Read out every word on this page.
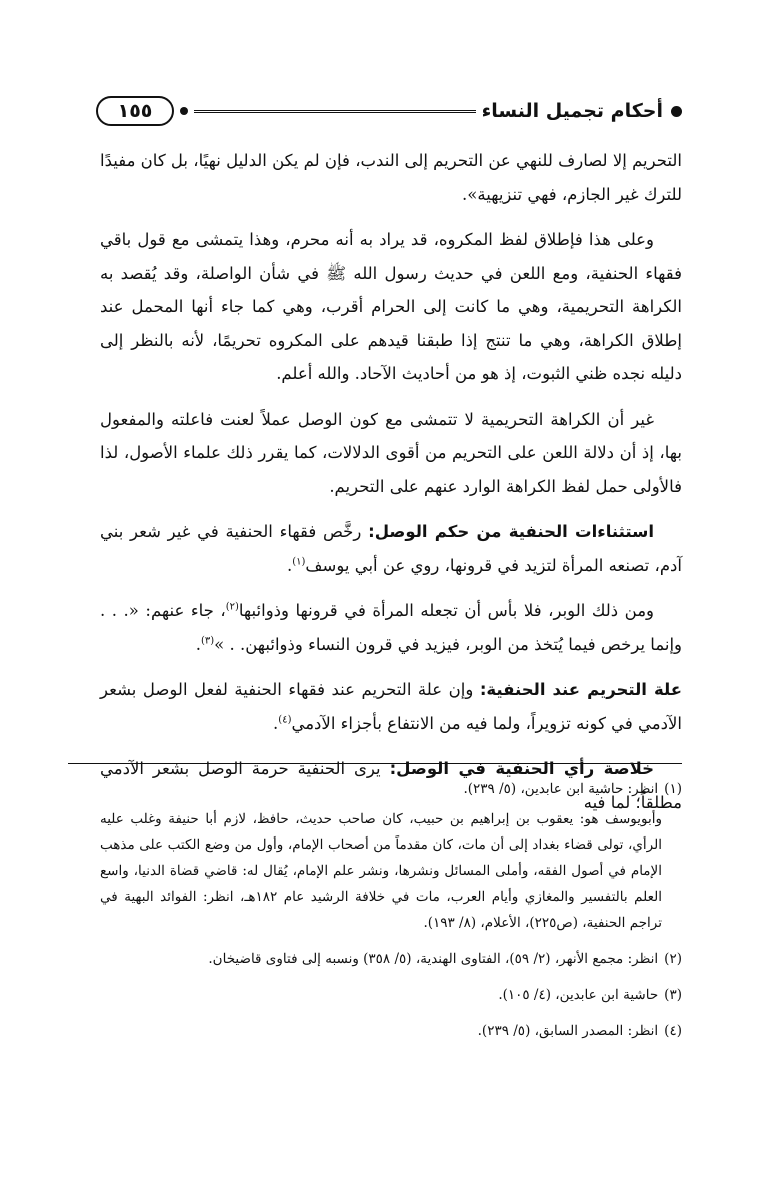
أحكام تجميل النساء
١٥٥

التحريم إلا لصارف للنهي عن التحريم إلى الندب، فإن لم يكن الدليل نهيًا، بل كان مفيدًا للترك غير الجازم، فهي تنزيهية».

وعلى هذا فإطلاق لفظ المكروه، قد يراد به أنه محرم، وهذا يتمشى مع قول باقي فقهاء الحنفية، ومع اللعن في حديث رسول الله ﷺ في شأن الواصلة، وقد يُقصد به الكراهة التحريمية، وهي ما كانت إلى الحرام أقرب، وهي كما جاء أنها المحمل عند إطلاق الكراهة، وهي ما تنتج إذا طبقنا قيدهم على المكروه تحريمًا، لأنه بالنظر إلى دليله نجده ظني الثبوت، إذ هو من أحاديث الآحاد. والله أعلم.

غير أن الكراهة التحريمية لا تتمشى مع كون الوصل عملاً لعنت فاعلته والمفعول بها، إذ أن دلالة اللعن على التحريم من أقوى الدلالات، كما يقرر ذلك علماء الأصول، لذا فالأولى حمل لفظ الكراهة الوارد عنهم على التحريم.

استثناءات الحنفية من حكم الوصل: رخَّص فقهاء الحنفية في غير شعر بني آدم، تصنعه المرأة لتزيد في قرونها، روي عن أبي يوسف$^{(١)}$.

ومن ذلك الوبر، فلا بأس أن تجعله المرأة في قرونها وذوائبها$^{(٢)}$، جاء عنهم: «. . . وإنما يرخص فيما يُتخذ من الوبر، فيزيد في قرون النساء وذوائبهن. . »$^{(٣)}$.

علة التحريم عند الحنفية: وإن علة التحريم عند فقهاء الحنفية لفعل الوصل بشعر الآدمي في كونه تزويراً، ولما فيه من الانتفاع بأجزاء الآدمي$^{(٤)}$.

خلاصة رأي الحنفية في الوصل: يرى الحنفية حرمة الوصل بشعر الآدمي مطلقاً؛ لما فيه

(١)انظر: حاشية ابن عابدين، (٥/ ٢٣٩).
وأبويوسف هو: يعقوب بن إبراهيم بن حبيب، كان صاحب حديث، حافظ، لازم أبا حنيفة وغلب عليه الرأي، تولى قضاء بغداد إلى أن مات، كان مقدماً من أصحاب الإمام، وأول من وضع الكتب على مذهب الإمام في أصول الفقه، وأملى المسائل ونشرها، ونشر علم الإمام، يُقال له: قاضي قضاة الدنيا، واسع العلم بالتفسير والمغازي وأيام العرب، مات في خلافة الرشيد عام ١٨٢هـ، انظر: الفوائد البهية في تراجم الحنفية، (ص٢٢٥)، الأعلام، (٨/ ١٩٣).
(٢)انظر: مجمع الأنهر، (٢/ ٥٩)، الفتاوى الهندية، (٥/ ٣٥٨) ونسبه إلى فتاوى قاضيخان.
(٣)حاشية ابن عابدين، (٤/ ١٠٥).
(٤)انظر: المصدر السابق، (٥/ ٢٣٩).
